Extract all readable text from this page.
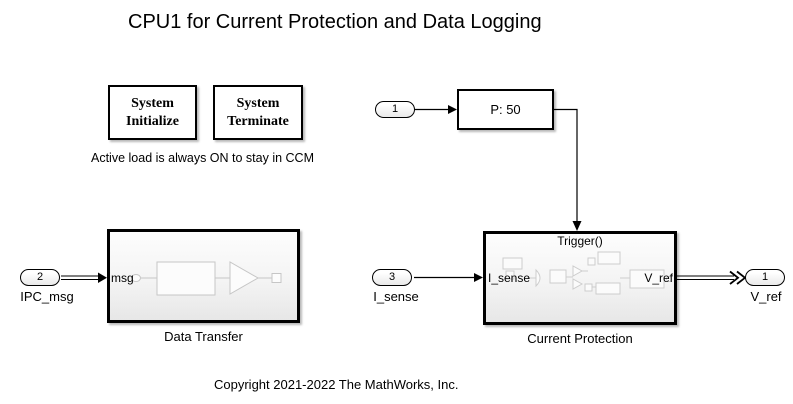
CPU1 for Current Protection and Data Logging
Active load is always ON to stay in CCM
Copyright 2021-2022 The MathWorks, Inc.
System
Initialize
System
Terminate
P: 50
Trigger()
msg	I_sense	V_ref
Data Transfer	Current Protection
1
2	3	1
IPC_msg	I_sense	V_ref
